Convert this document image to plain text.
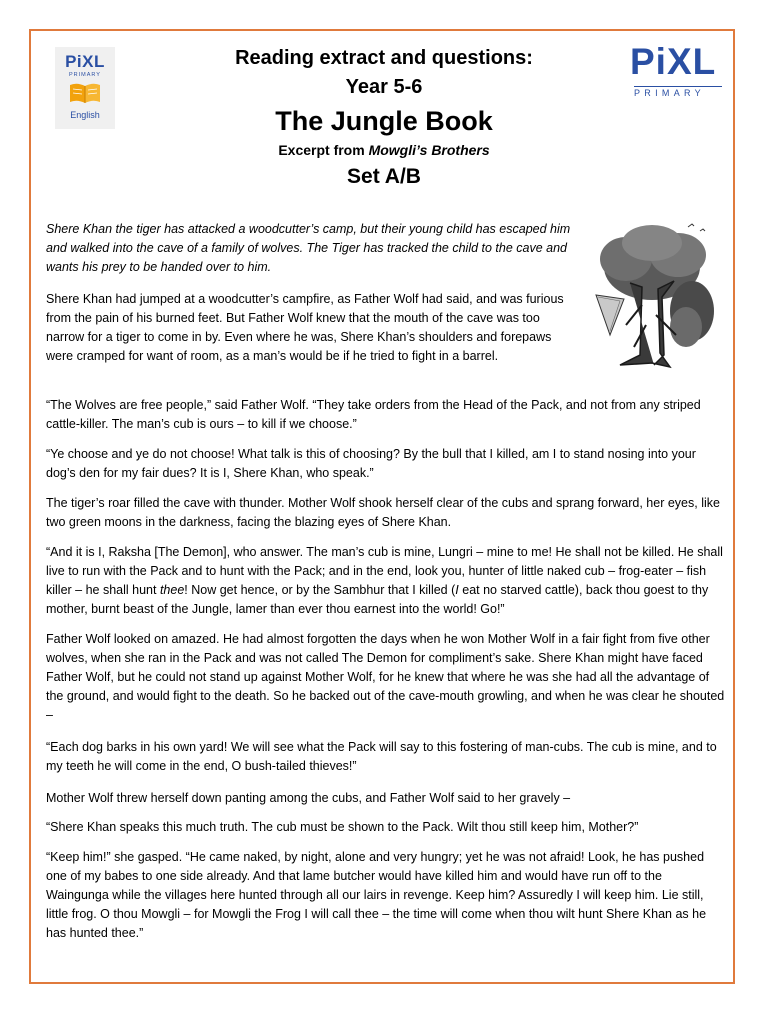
PiXL
PRIMARY
English
PiXL
PRIMARY
Reading extract and questions:
Year 5-6
The Jungle Book
Excerpt from Mowgli’s Brothers
Set A/B

Shere Khan the tiger has attacked a woodcutter’s camp, but their young child has escaped him and walked into the cave of a family of wolves. The Tiger has tracked the child to the cave and wants his prey to be handed over to him.

Shere Khan had jumped at a woodcutter’s campfire, as Father Wolf had said, and was furious from the pain of his burned feet. But Father Wolf knew that the mouth of the cave was too narrow for a tiger to come in by. Even where he was, Shere Khan’s shoulders and forepaws were cramped for want of room, as a man’s would be if he tried to fight in a barrel.

“The Wolves are free people,” said Father Wolf. “They take orders from the Head of the Pack, and not from any striped cattle-killer. The man’s cub is ours – to kill if we choose.”

“Ye choose and ye do not choose! What talk is this of choosing? By the bull that I killed, am I to stand nosing into your dog’s den for my fair dues? It is I, Shere Khan, who speak.”

The tiger’s roar filled the cave with thunder. Mother Wolf shook herself clear of the cubs and sprang forward, her eyes, like two green moons in the darkness, facing the blazing eyes of Shere Khan.

“And it is I, Raksha [The Demon], who answer. The man’s cub is mine, Lungri – mine to me! He shall not be killed. He shall live to run with the Pack and to hunt with the Pack; and in the end, look you, hunter of little naked cub – frog-eater – fish killer – he shall hunt thee! Now get hence, or by the Sambhur that I killed (I eat no starved cattle), back thou goest to thy mother, burnt beast of the Jungle, lamer than ever thou earnest into the world! Go!”

Father Wolf looked on amazed. He had almost forgotten the days when he won Mother Wolf in a fair fight from five other wolves, when she ran in the Pack and was not called The Demon for compliment’s sake. Shere Khan might have faced Father Wolf, but he could not stand up against Mother Wolf, for he knew that where he was she had all the advantage of the ground, and would fight to the death. So he backed out of the cave-mouth growling, and when he was clear he shouted –

“Each dog barks in his own yard! We will see what the Pack will say to this fostering of man-cubs. The cub is mine, and to my teeth he will come in the end, O bush-tailed thieves!”

Mother Wolf threw herself down panting among the cubs, and Father Wolf said to her gravely –

“Shere Khan speaks this much truth. The cub must be shown to the Pack. Wilt thou still keep him, Mother?”

“Keep him!” she gasped. “He came naked, by night, alone and very hungry; yet he was not afraid! Look, he has pushed one of my babes to one side already. And that lame butcher would have killed him and would have run off to the Waingunga while the villages here hunted through all our lairs in revenge. Keep him? Assuredly I will keep him. Lie still, little frog. O thou Mowgli – for Mowgli the Frog I will call thee – the time will come when thou wilt hunt Shere Khan as he has hunted thee.”
